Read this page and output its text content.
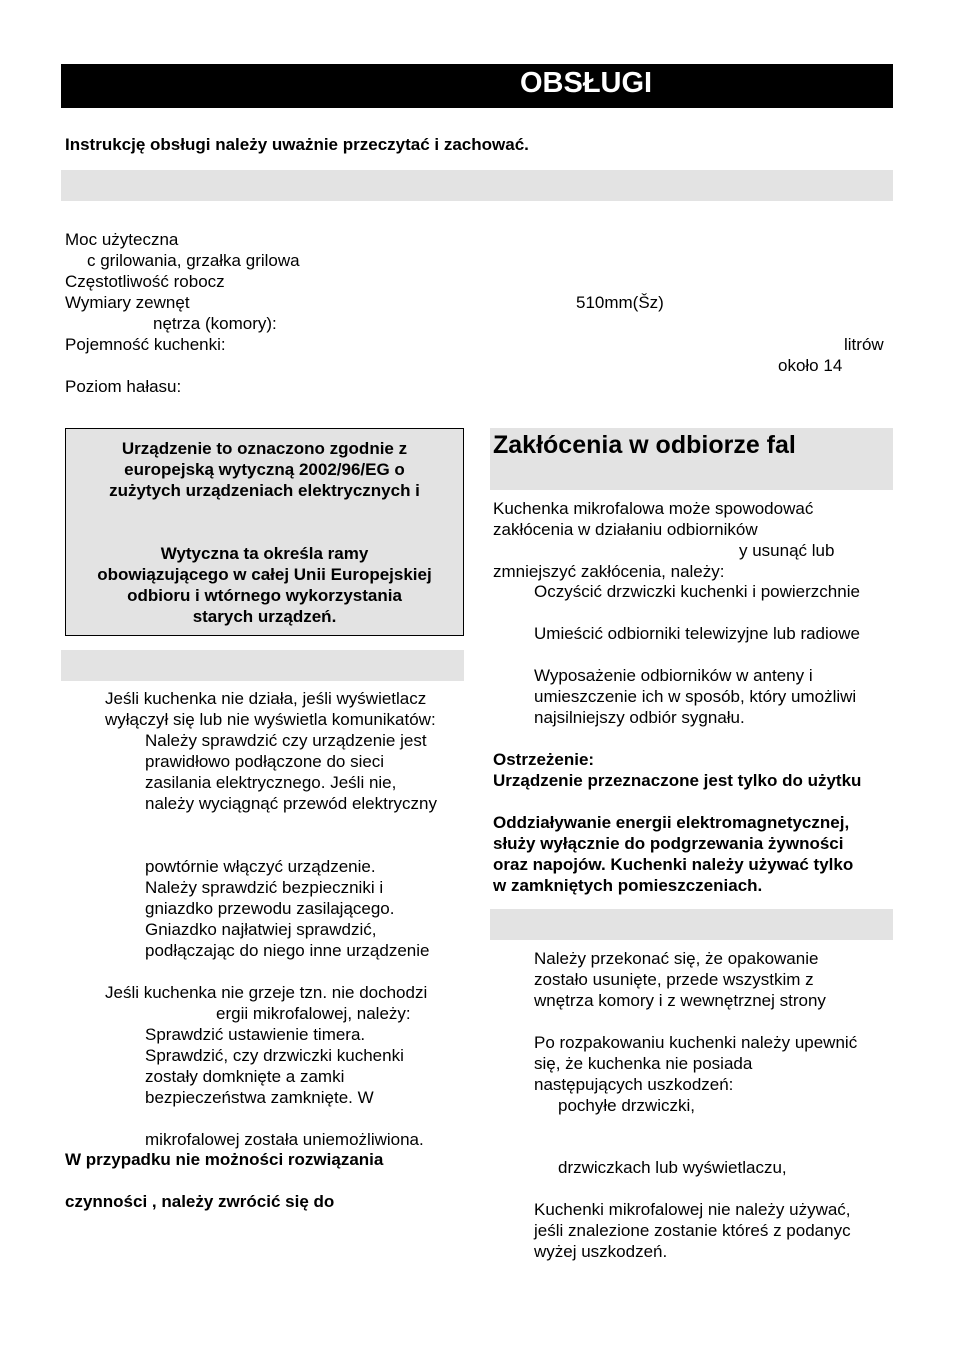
OBSŁUGI
Instrukcję obsługi należy uważnie przeczytać i zachować.
Moc użyteczna
c grilowania, grzałka grilowa
Częstotliwość robocz
Wymiary zewnęt	510mm(Šz)
nętrza (komory):
Pojemność kuchenki:	litrów
około 14
Poziom hałasu:
Urządzenie to oznaczono zgodnie z
europejską wytyczną 2002/96/EG o
zużytych urządzeniach elektrycznych i
Wytyczna ta określa ramy
obowiązującego w całej Unii Europejskiej
odbioru i wtórnego wykorzystania
starych urządzeń.
Jeśli kuchenka nie działa, jeśli wyświetlacz
wyłączył się lub nie wyświetla komunikatów:
Należy sprawdzić czy urządzenie jest
prawidłowo podłączone do sieci
zasilania elektrycznego. Jeśli nie,
należy wyciągnąć przewód elektryczny
powtórnie włączyć urządzenie.
Należy sprawdzić bezpieczniki i
gniazdko przewodu zasilającego.
Gniazdko najłatwiej sprawdzić,
podłączając do niego inne urządzenie
Jeśli kuchenka nie grzeje tzn. nie dochodzi
ergii mikrofalowej, należy:
Sprawdzić ustawienie timera.
Sprawdzić, czy drzwiczki kuchenki
zostały domknięte a zamki
bezpieczeństwa zamknięte. W
mikrofalowej została uniemożliwiona.
W przypadku nie możności rozwiązania
czynności , należy zwrócić się do
Zakłócenia w odbiorze fal
Kuchenka mikrofalowa może spowodować
zakłócenia w działaniu odbiorników
y usunąć lub
zmniejszyć zakłócenia, należy:
Oczyścić drzwiczki kuchenki i powierzchnie
Umieścić odbiorniki telewizyjne lub radiowe
Wyposażenie odbiorników w anteny i
umieszczenie ich w sposób, który umożliwi
najsilniejszy odbiór sygnału.
Ostrzeżenie:
Urządzenie przeznaczone jest tylko do użytku
Oddziaływanie energii elektromagnetycznej,
służy wyłącznie do podgrzewania żywności
oraz napojów. Kuchenki należy używać tylko
w zamkniętych pomieszczeniach.
Należy przekonać się, że opakowanie
zostało usunięte, przede wszystkim z
wnętrza komory i z wewnętrznej strony
Po rozpakowaniu kuchenki należy upewnić
się, że kuchenka nie posiada
następujących uszkodzeń:
pochyłe drzwiczki,
drzwiczkach lub wyświetlaczu,
Kuchenki mikrofalowej nie należy używać,
jeśli znalezione zostanie któreś z podanyc
wyżej uszkodzeń.
